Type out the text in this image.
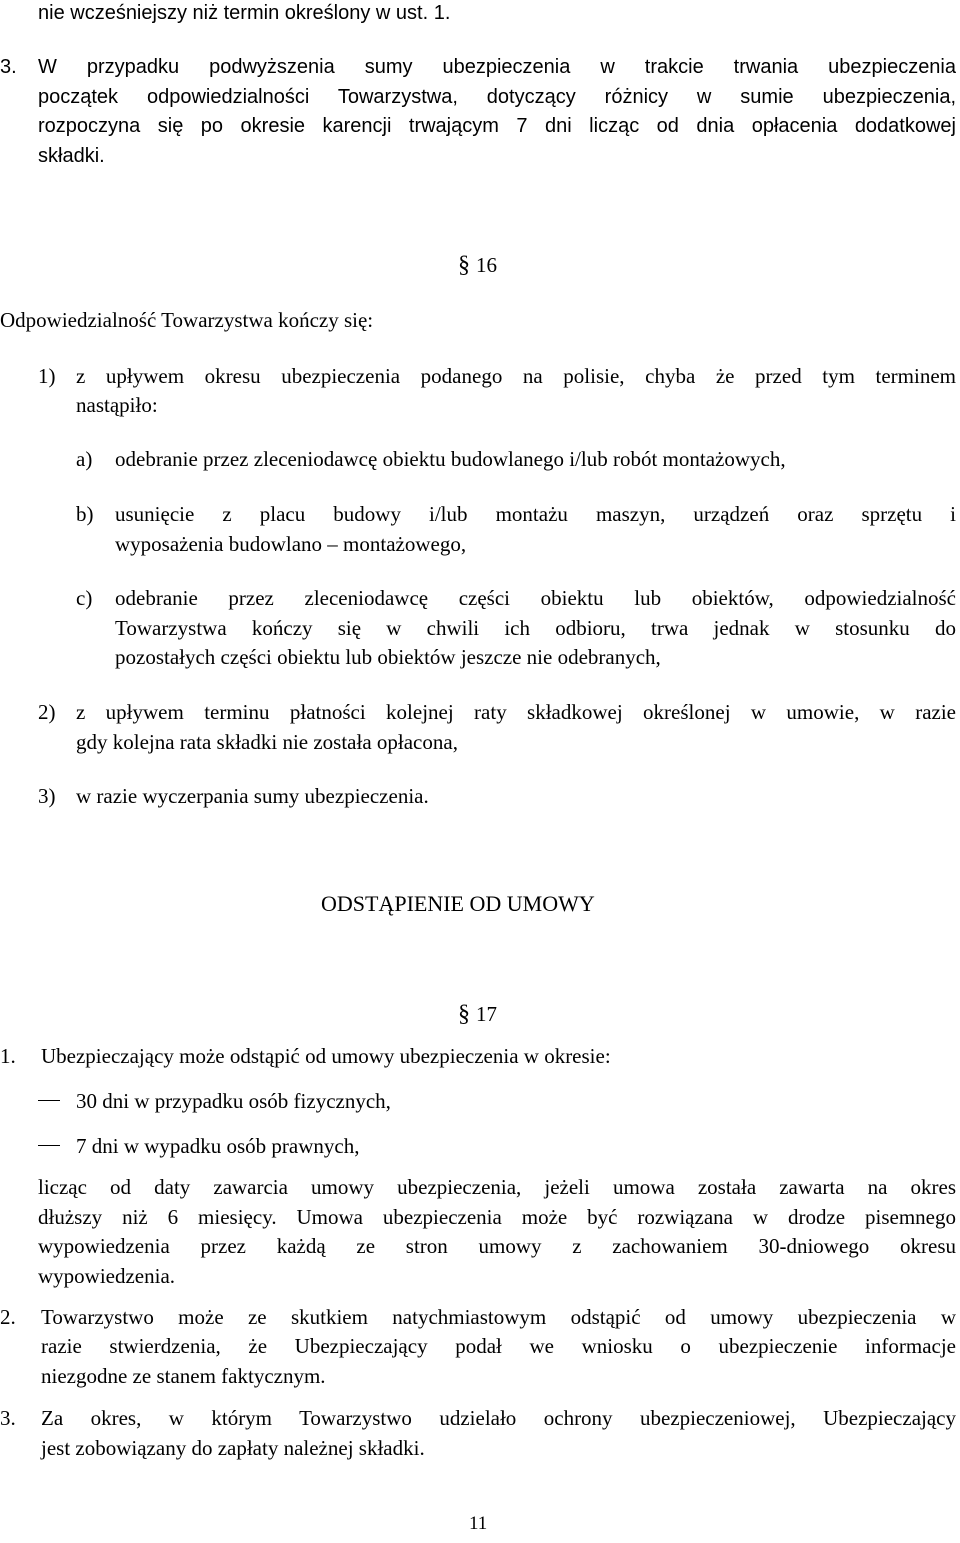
nie wcześniejszy niż termin określony w ust. 1.
3. W przypadku podwyższenia sumy ubezpieczenia w trakcie trwania ubezpieczenia
początek odpowiedzialności Towarzystwa, dotyczący różnicy w sumie ubezpieczenia,
rozpoczyna się po okresie karencji trwającym 7 dni licząc od dnia opłacenia dodatkowej
składki.
§ 16
Odpowiedzialność Towarzystwa kończy się:
1) z upływem okresu ubezpieczenia podanego na polisie, chyba że przed tym terminem
nastąpiło:
a) odebranie przez zleceniodawcę obiektu budowlanego i/lub robót montażowych,
b) usunięcie z placu budowy i/lub montażu maszyn, urządzeń oraz sprzętu i
wyposażenia budowlano – montażowego,
c) odebranie przez zleceniodawcę części obiektu lub obiektów, odpowiedzialność
Towarzystwa kończy się w chwili ich odbioru, trwa jednak w stosunku do
pozostałych części obiektu lub obiektów jeszcze nie odebranych,
2) z upływem terminu płatności kolejnej raty składkowej określonej w umowie, w razie
gdy kolejna rata składki nie została opłacona,
3) w razie wyczerpania sumy ubezpieczenia.
ODSTĄPIENIE OD UMOWY
§ 17
1. Ubezpieczający może odstąpić od umowy ubezpieczenia w okresie:
30 dni w przypadku osób fizycznych,
7 dni w wypadku osób prawnych,
licząc od daty zawarcia umowy ubezpieczenia, jeżeli umowa została zawarta na okres
dłuższy niż 6 miesięcy. Umowa ubezpieczenia może być rozwiązana w drodze pisemnego
wypowiedzenia przez każdą ze stron umowy z zachowaniem 30-dniowego okresu
wypowiedzenia.
2. Towarzystwo może ze skutkiem natychmiastowym odstąpić od umowy ubezpieczenia w
razie stwierdzenia, że Ubezpieczający podał we wniosku o ubezpieczenie informacje
niezgodne ze stanem faktycznym.
3. Za okres, w którym Towarzystwo udzielało ochrony ubezpieczeniowej, Ubezpieczający
jest zobowiązany do zapłaty należnej składki.
11
